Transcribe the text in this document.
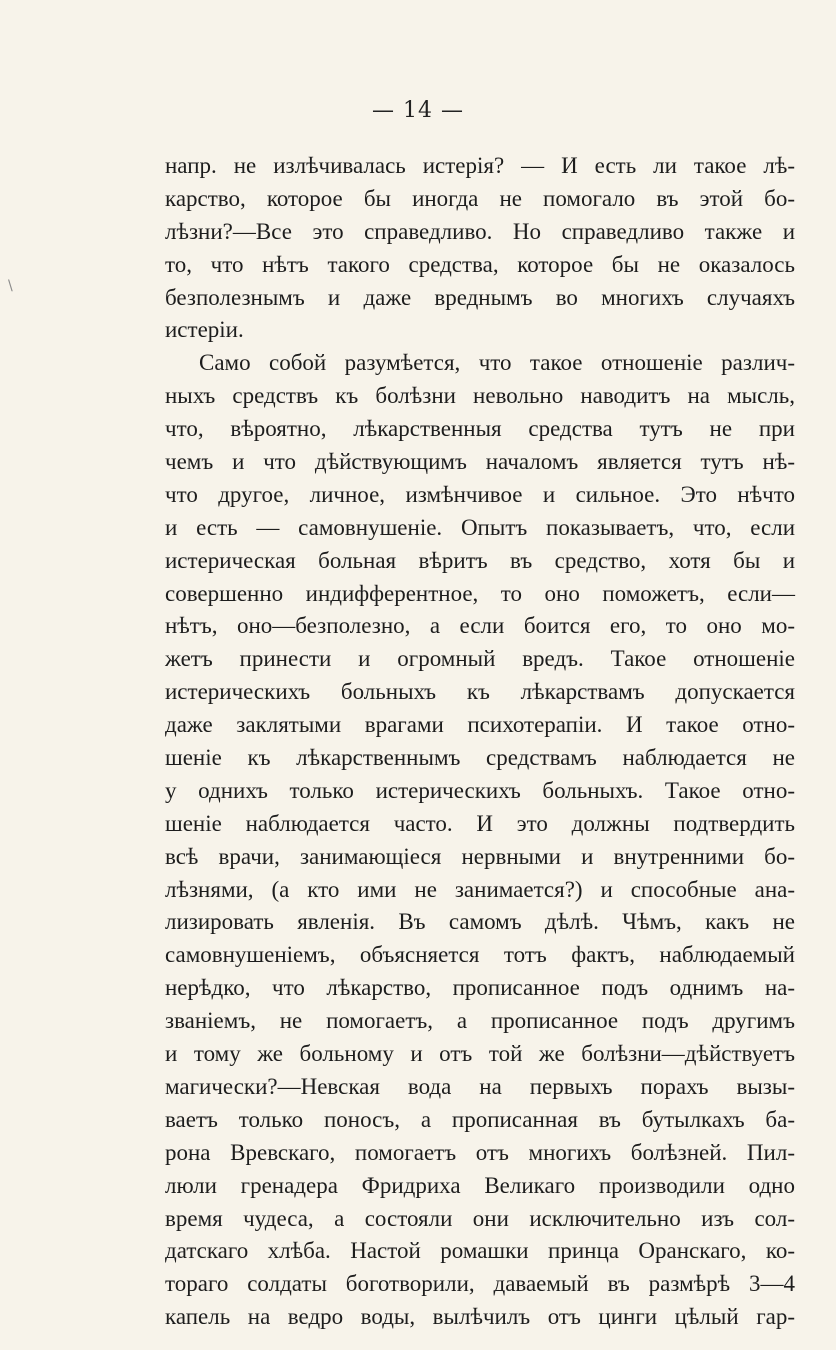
— 14 —
\
напр. не излѣчивалась истерія? — И есть ли такое лѣ-
карство, которое бы иногда не помогало въ этой бо-
лѣзни?—Все это справедливо. Но справедливо также и
то, что нѣтъ такого средства, которое бы не оказалось
безполезнымъ и даже вреднымъ во многихъ случаяхъ
истеріи.
Само собой разумѣется, что такое отношеніе различ-
ныхъ средствъ къ болѣзни невольно наводитъ на мысль,
что, вѣроятно, лѣкарственныя средства тутъ не при
чемъ и что дѣйствующимъ началомъ является тутъ нѣ-
что другое, личное, измѣнчивое и сильное. Это нѣчто
и есть — самовнушеніе. Опытъ показываетъ, что, если
истерическая больная вѣритъ въ средство, хотя бы и
совершенно индифферентное, то оно поможетъ, если—
нѣтъ, оно—безполезно, а если боится его, то оно мо-
жетъ принести и огромный вредъ. Такое отношеніе
истерическихъ больныхъ къ лѣкарствамъ допускается
даже заклятыми врагами психотерапіи. И такое отно-
шеніе къ лѣкарственнымъ средствамъ наблюдается не
у однихъ только истерическихъ больныхъ. Такое отно-
шеніе наблюдается часто. И это должны подтвердить
всѣ врачи, занимающіеся нервными и внутренними бо-
лѣзнями, (а кто ими не занимается?) и способные ана-
лизировать явленія. Въ самомъ дѣлѣ. Чѣмъ, какъ не
самовнушеніемъ, объясняется тотъ фактъ, наблюдаемый
нерѣдко, что лѣкарство, прописанное подъ однимъ на-
званіемъ, не помогаетъ, а прописанное подъ другимъ
и тому же больному и отъ той же болѣзни—дѣйствуетъ
магически?—Невская вода на первыхъ порахъ вызы-
ваетъ только поносъ, а прописанная въ бутылкахъ ба-
рона Вревскаго, помогаетъ отъ многихъ болѣзней. Пил-
люли гренадера Фридриха Великаго производили одно
время чудеса, а состояли они исключительно изъ сол-
датскаго хлѣба. Настой ромашки принца Оранскаго, ко-
тораго солдаты боготворили, даваемый въ размѣрѣ 3—4
капель на ведро воды, вылѣчилъ отъ цинги цѣлый гар-
